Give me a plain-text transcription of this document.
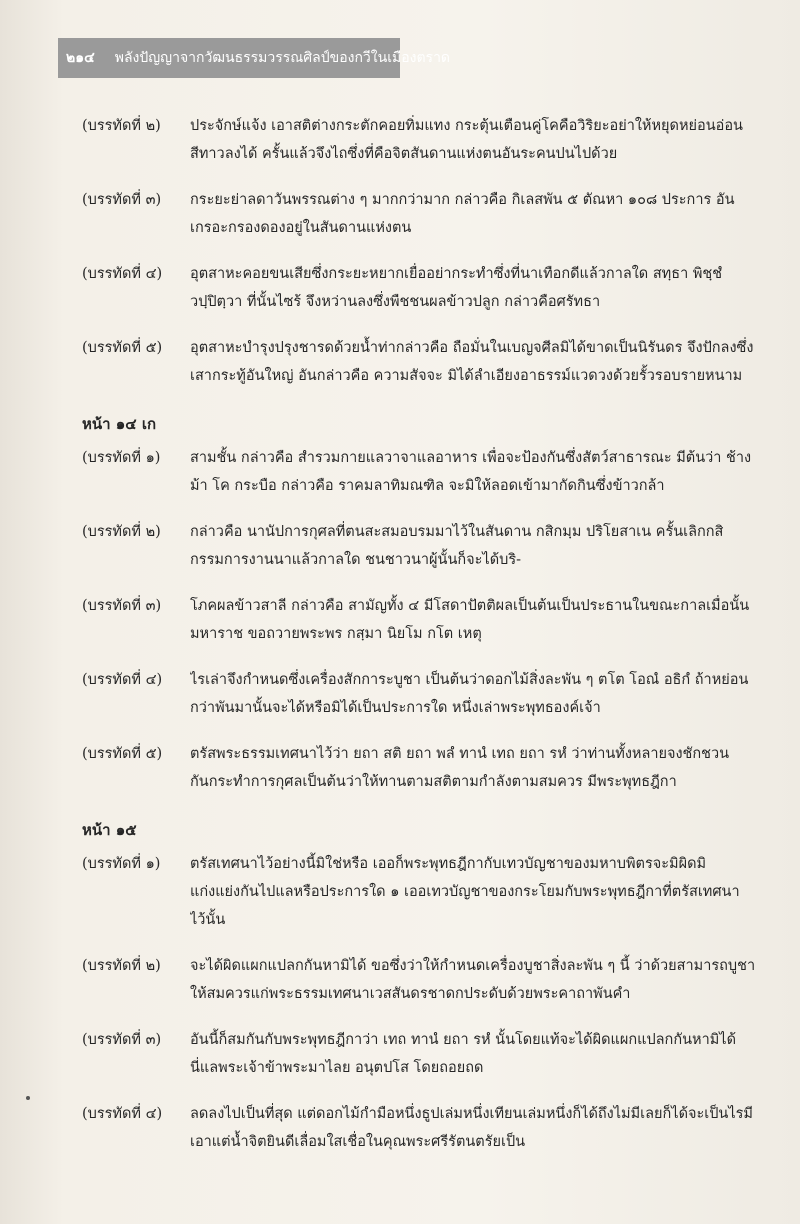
๒๑๔	พลังปัญญาจากวัฒนธรรมวรรณศิลป์ของกวีในเมืองตราด
(บรรทัดที่ ๒)	ประจักษ์แจ้ง เอาสติต่างกระตักคอยทิ่มแทง กระตุ้นเตือนคู่โคคือวิริยะอย่าให้หยุดหย่อนอ่อน
สีทาวลงได้ ครั้นแล้วจึงไถซึ่งที่คือจิตสันดานแห่งตนอันระคนปนไปด้วย
(บรรทัดที่ ๓)	กระยะย่าลดาวันพรรณต่าง ๆ มากกว่ามาก กล่าวคือ กิเลสพัน ๕ ตัณหา ๑๐๘ ประการ อัน
เกรอะกรองดองอยู่ในสันดานแห่งตน
(บรรทัดที่ ๔)	อุตสาหะคอยขนเสียซึ่งกระยะหยากเยื่ออย่ากระทำซึ่งที่นาเทือกดีแล้วกาลใด สทฺธา พิชฺชํ
วปฺปิตฺวา ที่นั้นไซร้ จึงหว่านลงซึ่งพืชชนผลข้าวปลูก กล่าวคือศรัทธา
(บรรทัดที่ ๕)	อุตสาหะบำรุงปรุงชารดด้วยน้ำท่ากล่าวคือ ถือมั่นในเบญจศีลมิได้ขาดเป็นนิรันดร จึงปักลงซึ่ง
เสากระทู้อันใหญ่ อันกล่าวคือ ความสัจจะ มิได้ลำเอียงอาธรรม์แวดวงด้วยรั้วรอบรายหนาม
หน้า ๑๔ เก
(บรรทัดที่ ๑)	สามชั้น กล่าวคือ สำรวมกายแลวาจาแลอาหาร เพื่อจะป้องกันซึ่งสัตว์สาธารณะ มีต้นว่า ช้าง
ม้า โค กระบือ กล่าวคือ ราคมลาทิมณฑิล จะมิให้ลอดเข้ามากัดกินซึ่งข้าวกล้า
(บรรทัดที่ ๒)	กล่าวคือ นานัปการกุศลที่ตนสะสมอบรมมาไว้ในสันดาน กสิกมฺม ปริโยสาเน ครั้นเลิกกสิ
กรรมการงานนาแล้วกาลใด ชนชาวนาผู้นั้นก็จะได้บริ-
(บรรทัดที่ ๓)	โภคผลข้าวสาลี กล่าวคือ สามัญทั้ง ๔ มีโสดาปัตติผลเป็นต้นเป็นประธานในขณะกาลเมื่อนั้น
มหาราช ขอถวายพระพร กสฺมา นิยโม กโต เหตุ
(บรรทัดที่ ๔)	ไรเล่าจึงกำหนดซึ่งเครื่องสักการะบูชา เป็นต้นว่าดอกไม้สิ่งละพัน ๆ ตโต โอณํ อธิกํ ถ้าหย่อน
กว่าพันมานั้นจะได้หรือมิได้เป็นประการใด หนึ่งเล่าพระพุทธองค์เจ้า
(บรรทัดที่ ๕)	ตรัสพระธรรมเทศนาไว้ว่า ยถา สติ ยถา พลํ ทานํ เทถ ยถา รหํ ว่าท่านทั้งหลายจงชักชวน
กันกระทำการกุศลเป็นต้นว่าให้ทานตามสติตามกำลังตามสมควร มีพระพุทธฎีกา
หน้า ๑๕
(บรรทัดที่ ๑)	ตรัสเทศนาไว้อย่างนี้มิใช่หรือ เออก็พระพุทธฎีกากับเทวบัญชาของมหาบพิตรจะมิผิดมิ
แก่งแย่งกันไปแลหรือประการใด ๑ เออเทวบัญชาของกระโยมกับพระพุทธฎีกาที่ตรัสเทศนา
ไว้นั้น
(บรรทัดที่ ๒)	จะได้ผิดแผกแปลกกันหามิได้ ขอซึ่งว่าให้กำหนดเครื่องบูชาสิ่งละพัน ๆ นี้ ว่าด้วยสามารถบูชา
ให้สมควรแก่พระธรรมเทศนาเวสสันดรชาดกประดับด้วยพระคาถาพันคำ
(บรรทัดที่ ๓)	อันนี้ก็สมกันกับพระพุทธฎีกาว่า เทถ ทานํ ยถา รหํ นั้นโดยแท้จะได้ผิดแผกแปลกกันหามิได้
นี่แลพระเจ้าข้าพระมาไลย อนุตปโส โดยถอยถด
(บรรทัดที่ ๔)	ลดลงไปเป็นที่สุด แต่ดอกไม้กำมือหนึ่งธูปเล่มหนึ่งเทียนเล่มหนึ่งก็ได้ถึงไม่มีเลยก็ได้จะเป็นไรมี
เอาแต่น้ำจิตยินดีเลื่อมใสเชื่อในคุณพระศรีรัตนตรัยเป็น
